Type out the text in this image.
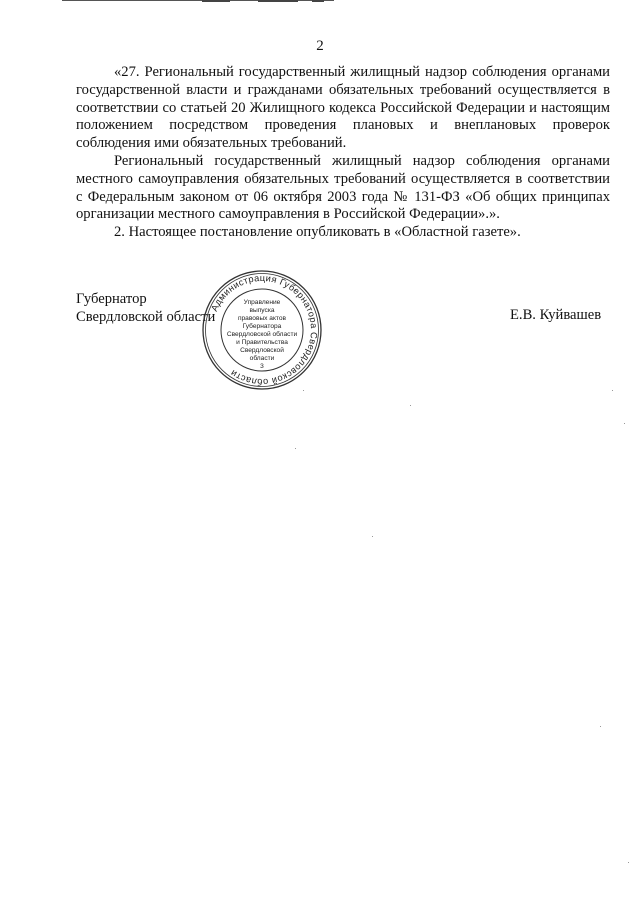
2

«27. Региональный государственный жилищный надзор соблюдения органами государственной власти и гражданами обязательных требований осуществляется в соответствии со статьей 20 Жилищного кодекса Российской Федерации и настоящим положением посредством проведения плановых и внеплановых проверок соблюдения ими обязательных требований.

Региональный государственный жилищный надзор соблюдения органами местного самоуправления обязательных требований осуществляется в соответствии с Федеральным законом от 06 октября 2003 года № 131-ФЗ «Об общих принципах организации местного самоуправления в Российской Федерации».».

2. Настоящее постановление опубликовать в «Областной газете».

Губернатор
Свердловской области	Е.В. Куйвашев
Администрация Губернатора Свердловской области
Управление
выпуска
правовых актов
Губернатора
Свердловской области
и Правительства
Свердловской
области
3
